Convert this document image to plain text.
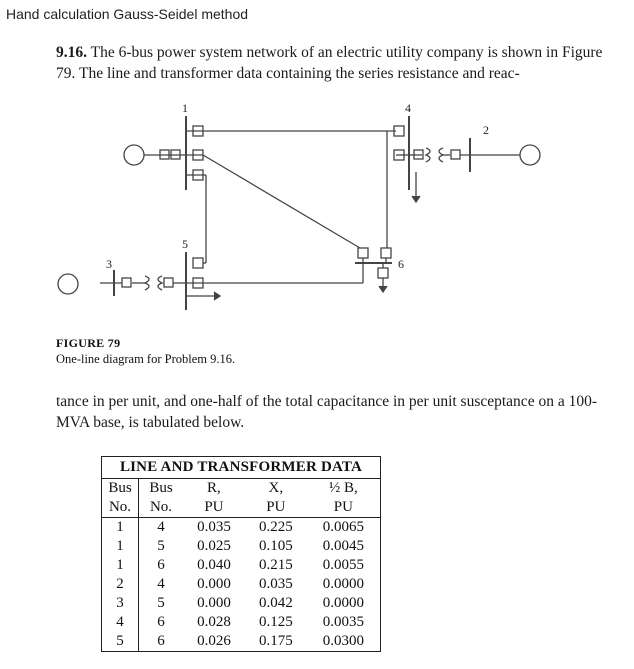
Hand calculation Gauss-Seidel method
9.16. The 6-bus power system network of an electric utility company is shown in Figure 79. The line and transformer data containing the series resistance and reac-
1	4
2
6
5
3
FIGURE 79
One-line diagram for Problem 9.16.
tance in per unit, and one-half of the total capacitance in per unit susceptance on a 100-MVA base, is tabulated below.
LINE AND TRANSFORMER DATA				
Bus	Bus	R,	X,	½ B,
No.	No.	PU	PU	PU
1	4	0.035	0.225	0.0065
1	5	0.025	0.105	0.0045
1	6	0.040	0.215	0.0055
2	4	0.000	0.035	0.0000
3	5	0.000	0.042	0.0000
4	6	0.028	0.125	0.0035
5	6	0.026	0.175	0.0300
